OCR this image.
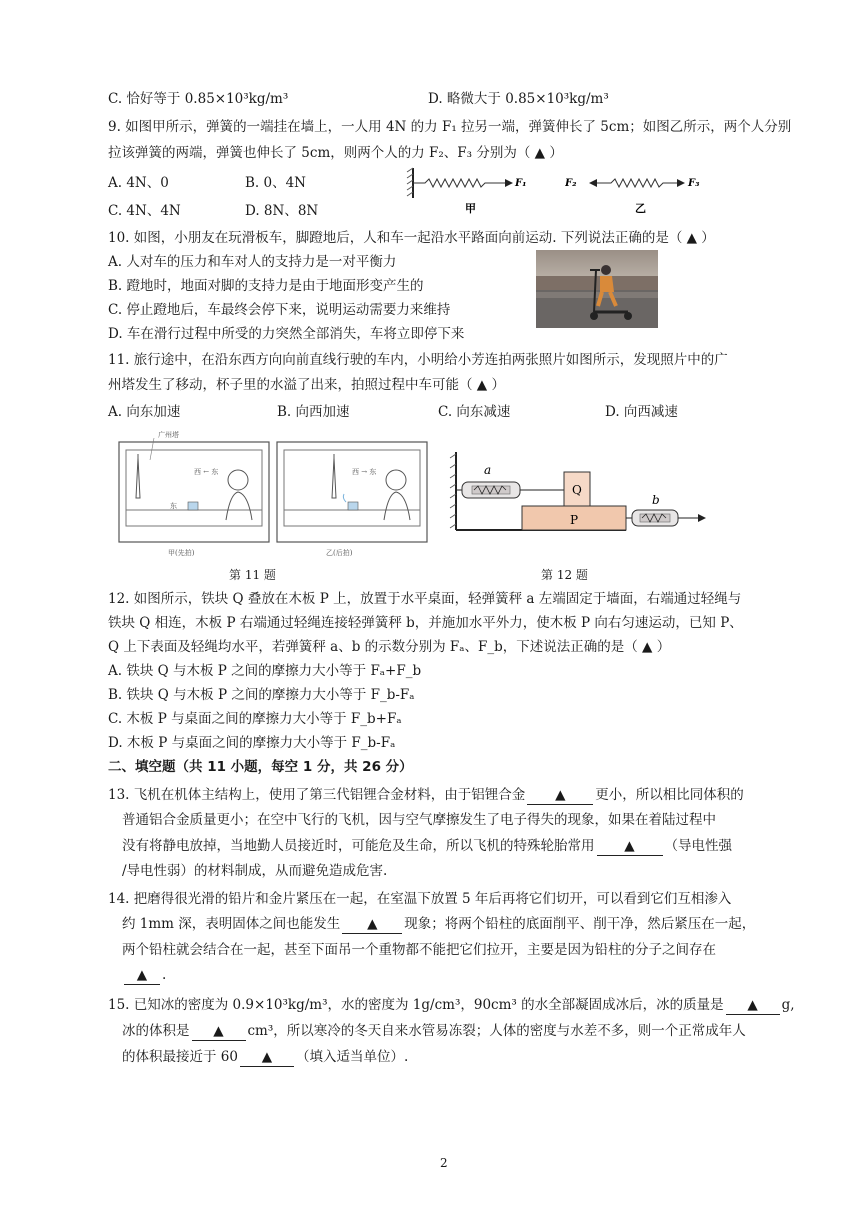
C. 恰好等于 0.85×10³kg/m³	D. 略微大于 0.85×10³kg/m³
9. 如图甲所示，弹簧的一端挂在墙上，一人用 4N 的力 F₁ 拉另一端，弹簧伸长了 5cm；如图乙所示，两个人分别
拉该弹簧的两端，弹簧也伸长了 5cm，则两个人的力 F₂、F₃ 分别为（ ▲ ）
A. 4N、0	B. 0、4N
C. 4N、4N	D. 8N、8N
F₁
甲
F₂	F₃
乙
10. 如图，小朋友在玩滑板车，脚蹬地后，人和车一起沿水平路面向前运动. 下列说法正确的是（ ▲ ）
A. 人对车的压力和车对人的支持力是一对平衡力
B. 蹬地时，地面对脚的支持力是由于地面形变产生的
C. 停止蹬地后，车最终会停下来，说明运动需要力来维持
D. 车在滑行过程中所受的力突然全部消失，车将立即停下来
11. 旅行途中，在沿东西方向向前直线行驶的车内，小明给小芳连拍两张照片如图所示，发现照片中的广
州塔发生了移动，杯子里的水溢了出来，拍照过程中车可能（ ▲ ）
A. 向东加速	B. 向西加速	C. 向东减速	D. 向西减速
广州塔
西 ← 东
东
甲(先拍)
西 → 东
乙(后拍)
a
Q
P
b
第 11 题	第 12 题
12. 如图所示，铁块 Q 叠放在木板 P 上，放置于水平桌面，轻弹簧秤 a 左端固定于墙面，右端通过轻绳与
铁块 Q 相连，木板 P 右端通过轻绳连接轻弹簧秤 b，并施加水平外力，使木板 P 向右匀速运动，已知 P、
Q 上下表面及轻绳均水平，若弹簧秤 a、b 的示数分别为 Fₐ、F_b，下述说法正确的是（ ▲ ）
A. 铁块 Q 与木板 P 之间的摩擦力大小等于 Fₐ+F_b
B. 铁块 Q 与木板 P 之间的摩擦力大小等于 F_b-Fₐ
C. 木板 P 与桌面之间的摩擦力大小等于 F_b+Fₐ
D. 木板 P 与桌面之间的摩擦力大小等于 F_b-Fₐ
二、填空题（共 11 小题，每空 1 分，共 26 分）
13. 飞机在机体主结构上，使用了第三代铝锂合金材料，由于铝锂合金 ▲ 更小，所以相比同体积的
普通铝合金质量更小；在空中飞行的飞机，因与空气摩擦发生了电子得失的现象，如果在着陆过程中
没有将静电放掉，当地勤人员接近时，可能危及生命，所以飞机的特殊轮胎常用 ▲ （导电性强
/导电性弱）的材料制成，从而避免造成危害.
14. 把磨得很光滑的铅片和金片紧压在一起，在室温下放置 5 年后再将它们切开，可以看到它们互相渗入
约 1mm 深，表明固体之间也能发生 ▲ 现象；将两个铅柱的底面削平、削干净，然后紧压在一起，
两个铅柱就会结合在一起，甚至下面吊一个重物都不能把它们拉开，主要是因为铅柱的分子之间存在
▲ .
15. 已知冰的密度为 0.9×10³kg/m³，水的密度为 1g/cm³，90cm³ 的水全部凝固成冰后，冰的质量是 ▲ g,
冰的体积是 ▲ cm³，所以寒冷的冬天自来水管易冻裂；人体的密度与水差不多，则一个正常成年人
的体积最接近于 60 ▲ （填入适当单位）.
2
